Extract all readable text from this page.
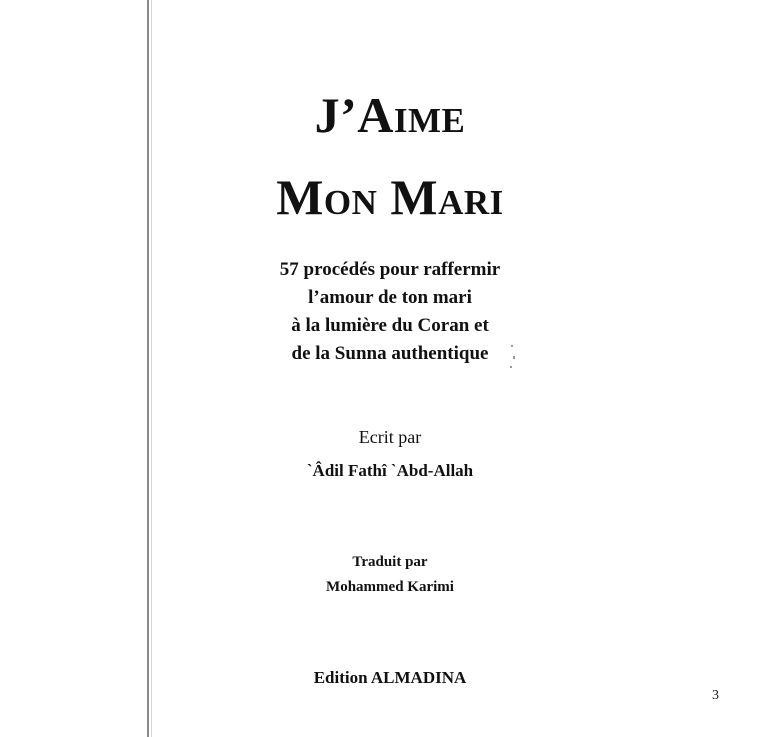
J’Aime
Mon Mari
57 procédés pour raffermir
l’amour de ton mari
à la lumière du Coran et
de la Sunna authentique
Ecrit par
`Âdil Fathî `Abd-Allah
Traduit par
Mohammed Karimi
Edition ALMADINA
3
